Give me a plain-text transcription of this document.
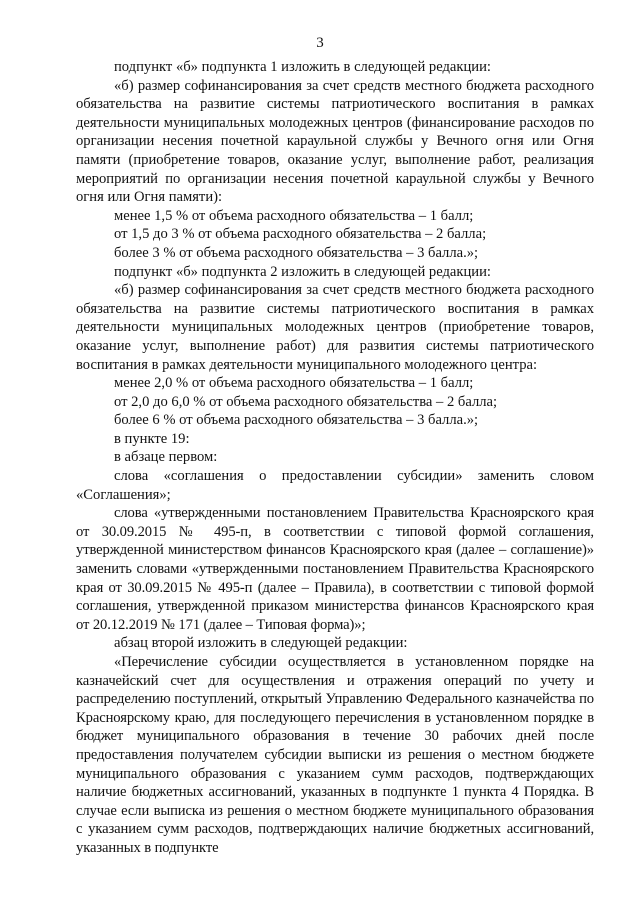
3

подпункт «б» подпункта 1 изложить в следующей редакции:

«б) размер софинансирования за счет средств местного бюджета расходного обязательства на развитие системы патриотического воспитания в рамках деятельности муниципальных молодежных центров (финансирование расходов по организации несения почетной караульной службы у Вечного огня или Огня памяти (приобретение товаров, оказание услуг, выполнение работ, реализация мероприятий по организации несения почетной караульной службы у Вечного огня или Огня памяти):

менее 1,5 % от объема расходного обязательства – 1 балл;

от 1,5 до 3 % от объема расходного обязательства – 2 балла;

более 3 % от объема расходного обязательства – 3 балла.»;

подпункт «б» подпункта 2 изложить в следующей редакции:

«б) размер софинансирования за счет средств местного бюджета расходного обязательства на развитие системы патриотического воспитания в рамках деятельности муниципальных молодежных центров (приобретение товаров, оказание услуг, выполнение работ) для развития системы патриотического воспитания в рамках деятельности муниципального молодежного центра:

менее 2,0 % от объема расходного обязательства – 1 балл;

от 2,0 до 6,0 % от объема расходного обязательства – 2 балла;

более 6 % от объема расходного обязательства – 3 балла.»;

в пункте 19:

в абзаце первом:

слова «соглашения о предоставлении субсидии» заменить словом «Соглашения»;

слова «утвержденными постановлением Правительства Красноярского края от 30.09.2015 № 495-п, в соответствии с типовой формой соглашения, утвержденной министерством финансов Красноярского края (далее – соглашение)» заменить словами «утвержденными постановлением Правительства Красноярского края от 30.09.2015 № 495-п (далее – Правила), в соответствии с типовой формой соглашения, утвержденной приказом министерства финансов Красноярского края от 20.12.2019 № 171 (далее – Типовая форма)»;

абзац второй изложить в следующей редакции:

«Перечисление субсидии осуществляется в установленном порядке на казначейский счет для осуществления и отражения операций по учету и распределению поступлений, открытый Управлению Федерального казначейства по Красноярскому краю, для последующего перечисления в установленном порядке в бюджет муниципального образования в течение 30 рабочих дней после предоставления получателем субсидии выписки из решения о местном бюджете муниципального образования с указанием сумм расходов, подтверждающих наличие бюджетных ассигнований, указанных в подпункте 1 пункта 4 Порядка. В случае если выписка из решения о местном бюджете муниципального образования с указанием сумм расходов, подтверждающих наличие бюджетных ассигнований, указанных в подпункте
